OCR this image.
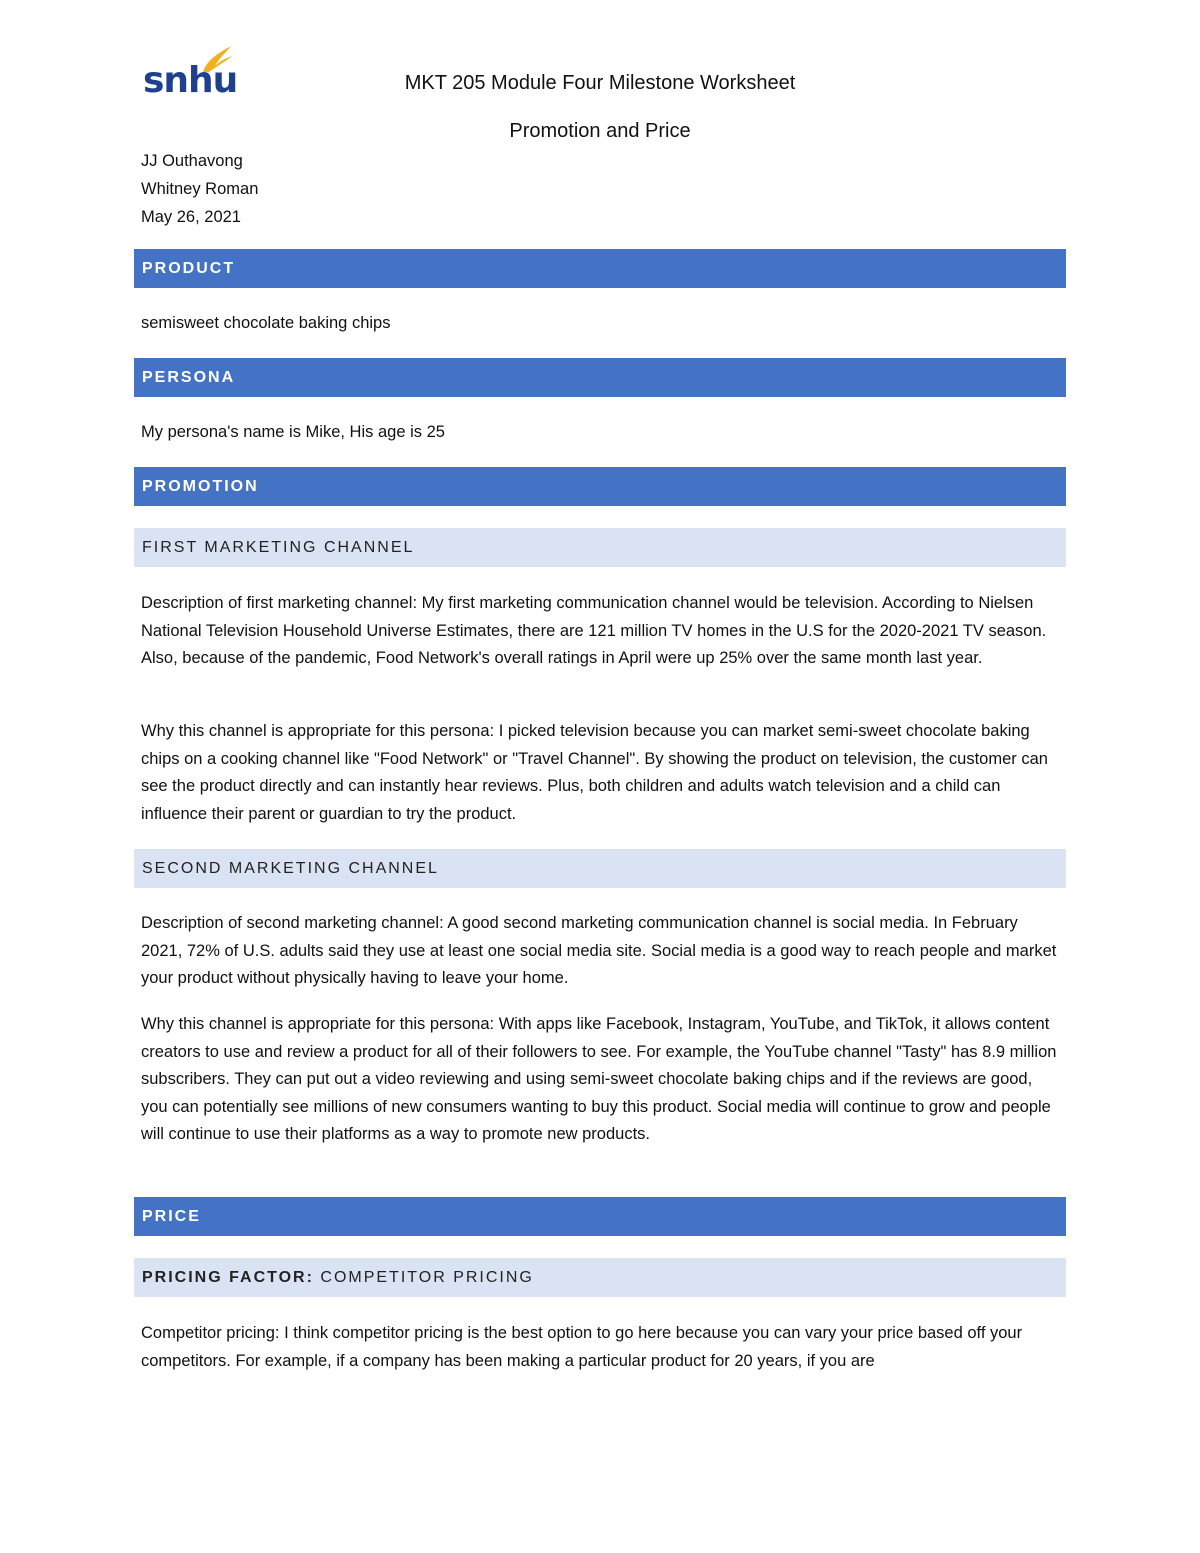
snhu	MKT 205 Module Four Milestone Worksheet
Promotion and Price
JJ Outhavong
Whitney Roman
May 26, 2021
PRODUCT

semisweet chocolate baking chips

PERSONA

My persona's name is Mike, His age is 25

PROMOTION
FIRST MARKETING CHANNEL

Description of first marketing channel: My first marketing communication channel would be television. According to Nielsen National Television Household Universe Estimates, there are 121 million TV homes in the U.S for the 2020-2021 TV season. Also, because of the pandemic, Food Network's overall ratings in April were up 25% over the same month last year.

Why this channel is appropriate for this persona: I picked television because you can market semi-sweet chocolate baking chips on a cooking channel like "Food Network" or "Travel Channel". By showing the product on television, the customer can see the product directly and can instantly hear reviews. Plus, both children and adults watch television and a child can influence their parent or guardian to try the product.

SECOND MARKETING CHANNEL

Description of second marketing channel: A good second marketing communication channel is social media. In February 2021, 72% of U.S. adults said they use at least one social media site. Social media is a good way to reach people and market your product without physically having to leave your home.

Why this channel is appropriate for this persona: With apps like Facebook, Instagram, YouTube, and TikTok, it allows content creators to use and review a product for all of their followers to see. For example, the YouTube channel "Tasty" has 8.9 million subscribers. They can put out a video reviewing and using semi-sweet chocolate baking chips and if the reviews are good, you can potentially see millions of new consumers wanting to buy this product. Social media will continue to grow and people will continue to use their platforms as a way to promote new products.

PRICE
PRICING FACTOR: COMPETITOR PRICING

Competitor pricing: I think competitor pricing is the best option to go here because you can vary your price based off your competitors. For example, if a company has been making a particular product for 20 years, if you are
